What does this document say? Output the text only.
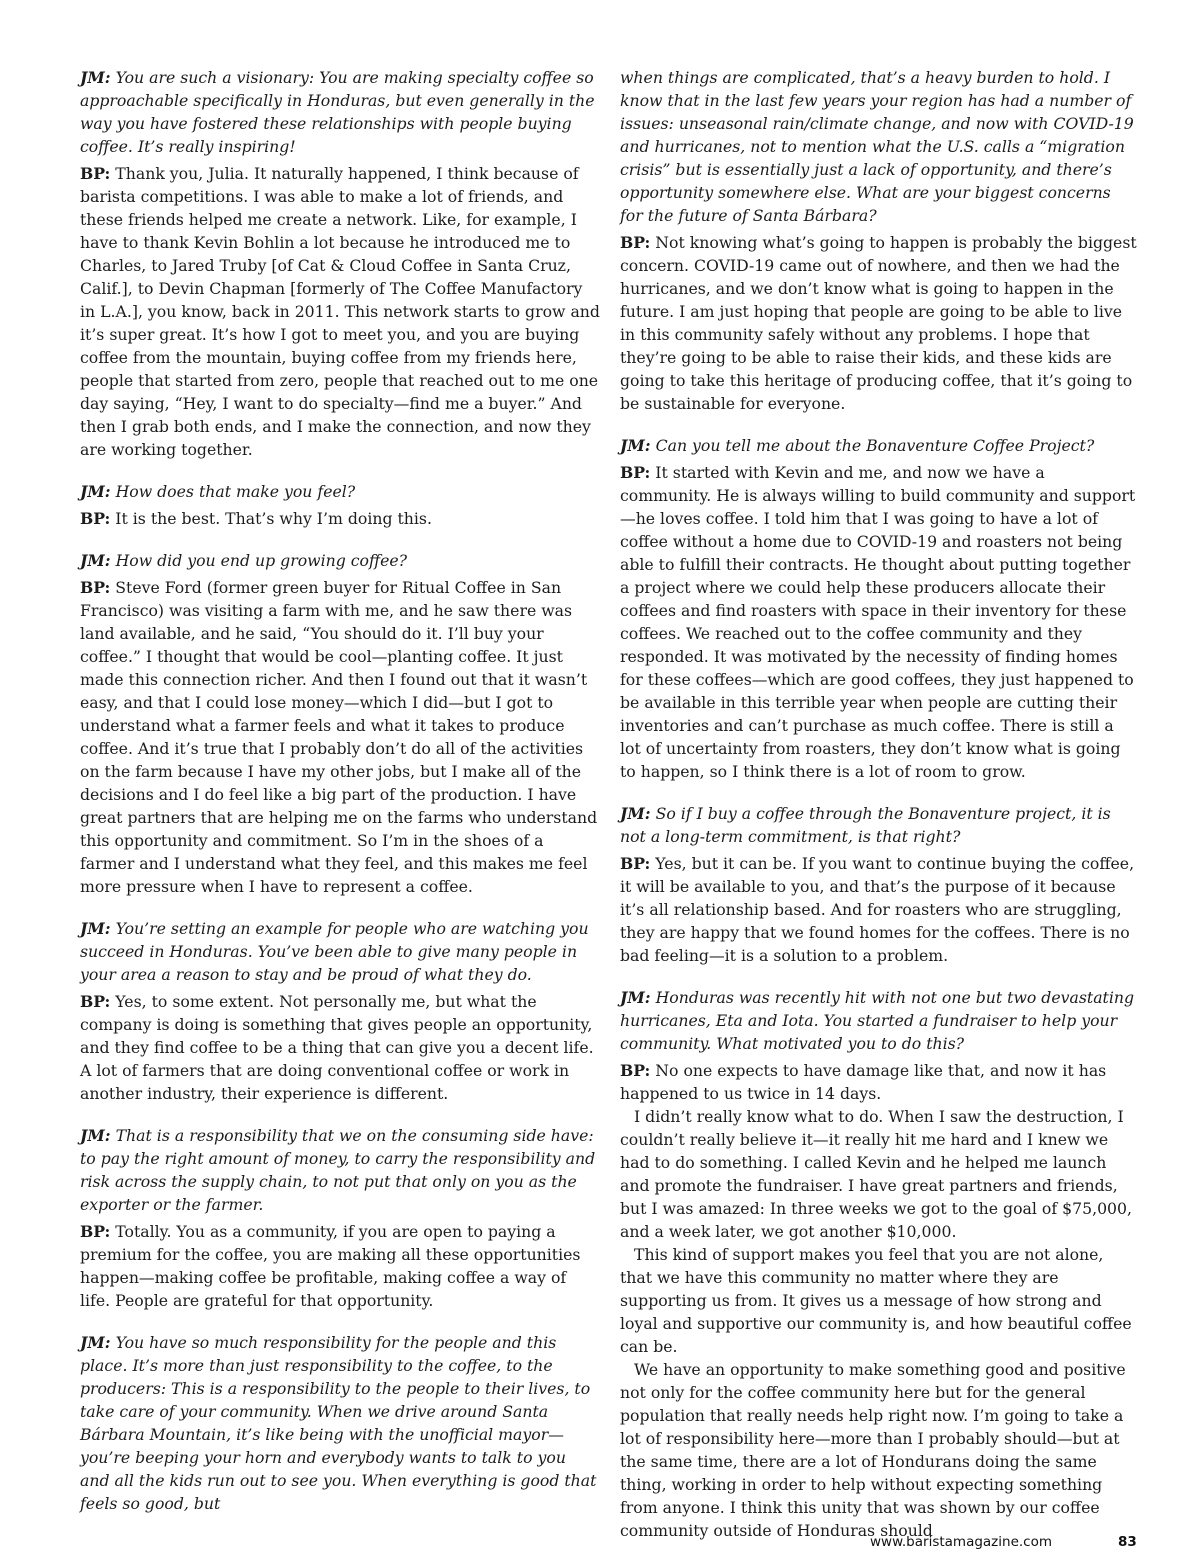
JM: You are such a visionary: You are making specialty coffee so approachable specifically in Honduras, but even generally in the way you have fostered these relationships with people buying coffee. It’s really inspiring!

BP: Thank you, Julia. It naturally happened, I think because of barista competitions. I was able to make a lot of friends, and these friends helped me create a network. Like, for example, I have to thank Kevin Bohlin a lot because he introduced me to Charles, to Jared Truby [of Cat & Cloud Coffee in Santa Cruz, Calif.], to Devin Chapman [formerly of The Coffee Manufactory in L.A.], you know, back in 2011. This network starts to grow and it’s super great. It’s how I got to meet you, and you are buying coffee from the mountain, buying coffee from my friends here, people that started from zero, people that reached out to me one day saying, “Hey, I want to do specialty—find me a buyer.” And then I grab both ends, and I make the connection, and now they are working together.

JM: How does that make you feel?

BP: It is the best. That’s why I’m doing this.

JM: How did you end up growing coffee?

BP: Steve Ford (former green buyer for Ritual Coffee in San Francisco) was visiting a farm with me, and he saw there was land available, and he said, “You should do it. I’ll buy your coffee.” I thought that would be cool—planting coffee. It just made this connection richer. And then I found out that it wasn’t easy, and that I could lose money—which I did—but I got to understand what a farmer feels and what it takes to produce coffee. And it’s true that I probably don’t do all of the activities on the farm because I have my other jobs, but I make all of the decisions and I do feel like a big part of the production. I have great partners that are helping me on the farms who understand this opportunity and commitment. So I’m in the shoes of a farmer and I understand what they feel, and this makes me feel more pressure when I have to represent a coffee.

JM: You’re setting an example for people who are watching you succeed in Honduras. You’ve been able to give many people in your area a reason to stay and be proud of what they do.

BP: Yes, to some extent. Not personally me, but what the company is doing is something that gives people an opportunity, and they find coffee to be a thing that can give you a decent life. A lot of farmers that are doing conventional coffee or work in another industry, their experience is different.

JM: That is a responsibility that we on the consuming side have: to pay the right amount of money, to carry the responsibility and risk across the supply chain, to not put that only on you as the exporter or the farmer.

BP: Totally. You as a community, if you are open to paying a premium for the coffee, you are making all these opportunities happen—making coffee be profitable, making coffee a way of life. People are grateful for that opportunity.

JM: You have so much responsibility for the people and this place. It’s more than just responsibility to the coffee, to the producers: This is a responsibility to the people to their lives, to take care of your community. When we drive around Santa Bárbara Mountain, it’s like being with the unofficial mayor—you’re beeping your horn and everybody wants to talk to you and all the kids run out to see you. When everything is good that feels so good, but

when things are complicated, that’s a heavy burden to hold. I know that in the last few years your region has had a number of issues: unseasonal rain/climate change, and now with COVID-19 and hurricanes, not to mention what the U.S. calls a “migration crisis” but is essentially just a lack of opportunity, and there’s opportunity somewhere else. What are your biggest concerns for the future of Santa Bárbara?

BP: Not knowing what’s going to happen is probably the biggest concern. COVID-19 came out of nowhere, and then we had the hurricanes, and we don’t know what is going to happen in the future. I am just hoping that people are going to be able to live in this community safely without any problems. I hope that they’re going to be able to raise their kids, and these kids are going to take this heritage of producing coffee, that it’s going to be sustainable for everyone.

JM: Can you tell me about the Bonaventure Coffee Project?

BP: It started with Kevin and me, and now we have a community. He is always willing to build community and support—he loves coffee. I told him that I was going to have a lot of coffee without a home due to COVID-19 and roasters not being able to fulfill their contracts. He thought about putting together a project where we could help these producers allocate their coffees and find roasters with space in their inventory for these coffees. We reached out to the coffee community and they responded. It was motivated by the necessity of finding homes for these coffees—which are good coffees, they just happened to be available in this terrible year when people are cutting their inventories and can’t purchase as much coffee. There is still a lot of uncertainty from roasters, they don’t know what is going to happen, so I think there is a lot of room to grow.

JM: So if I buy a coffee through the Bonaventure project, it is not a long-term commitment, is that right?

BP: Yes, but it can be. If you want to continue buying the coffee, it will be available to you, and that’s the purpose of it because it’s all relationship based. And for roasters who are struggling, they are happy that we found homes for the coffees. There is no bad feeling—it is a solution to a problem.

JM: Honduras was recently hit with not one but two devastating hurricanes, Eta and Iota. You started a fundraiser to help your community. What motivated you to do this?

BP: No one expects to have damage like that, and now it has happened to us twice in 14 days.

I didn’t really know what to do. When I saw the destruction, I couldn’t really believe it—it really hit me hard and I knew we had to do something. I called Kevin and he helped me launch and promote the fundraiser. I have great partners and friends, but I was amazed: In three weeks we got to the goal of $75,000, and a week later, we got another $10,000.

This kind of support makes you feel that you are not alone, that we have this community no matter where they are supporting us from. It gives us a message of how strong and loyal and supportive our community is, and how beautiful coffee can be.

We have an opportunity to make something good and positive not only for the coffee community here but for the general population that really needs help right now. I’m going to take a lot of responsibility here—more than I probably should—but at the same time, there are a lot of Hondurans doing the same thing, working in order to help without expecting something from anyone. I think this unity that was shown by our coffee community outside of Honduras should

www.baristamagazine.com	83
